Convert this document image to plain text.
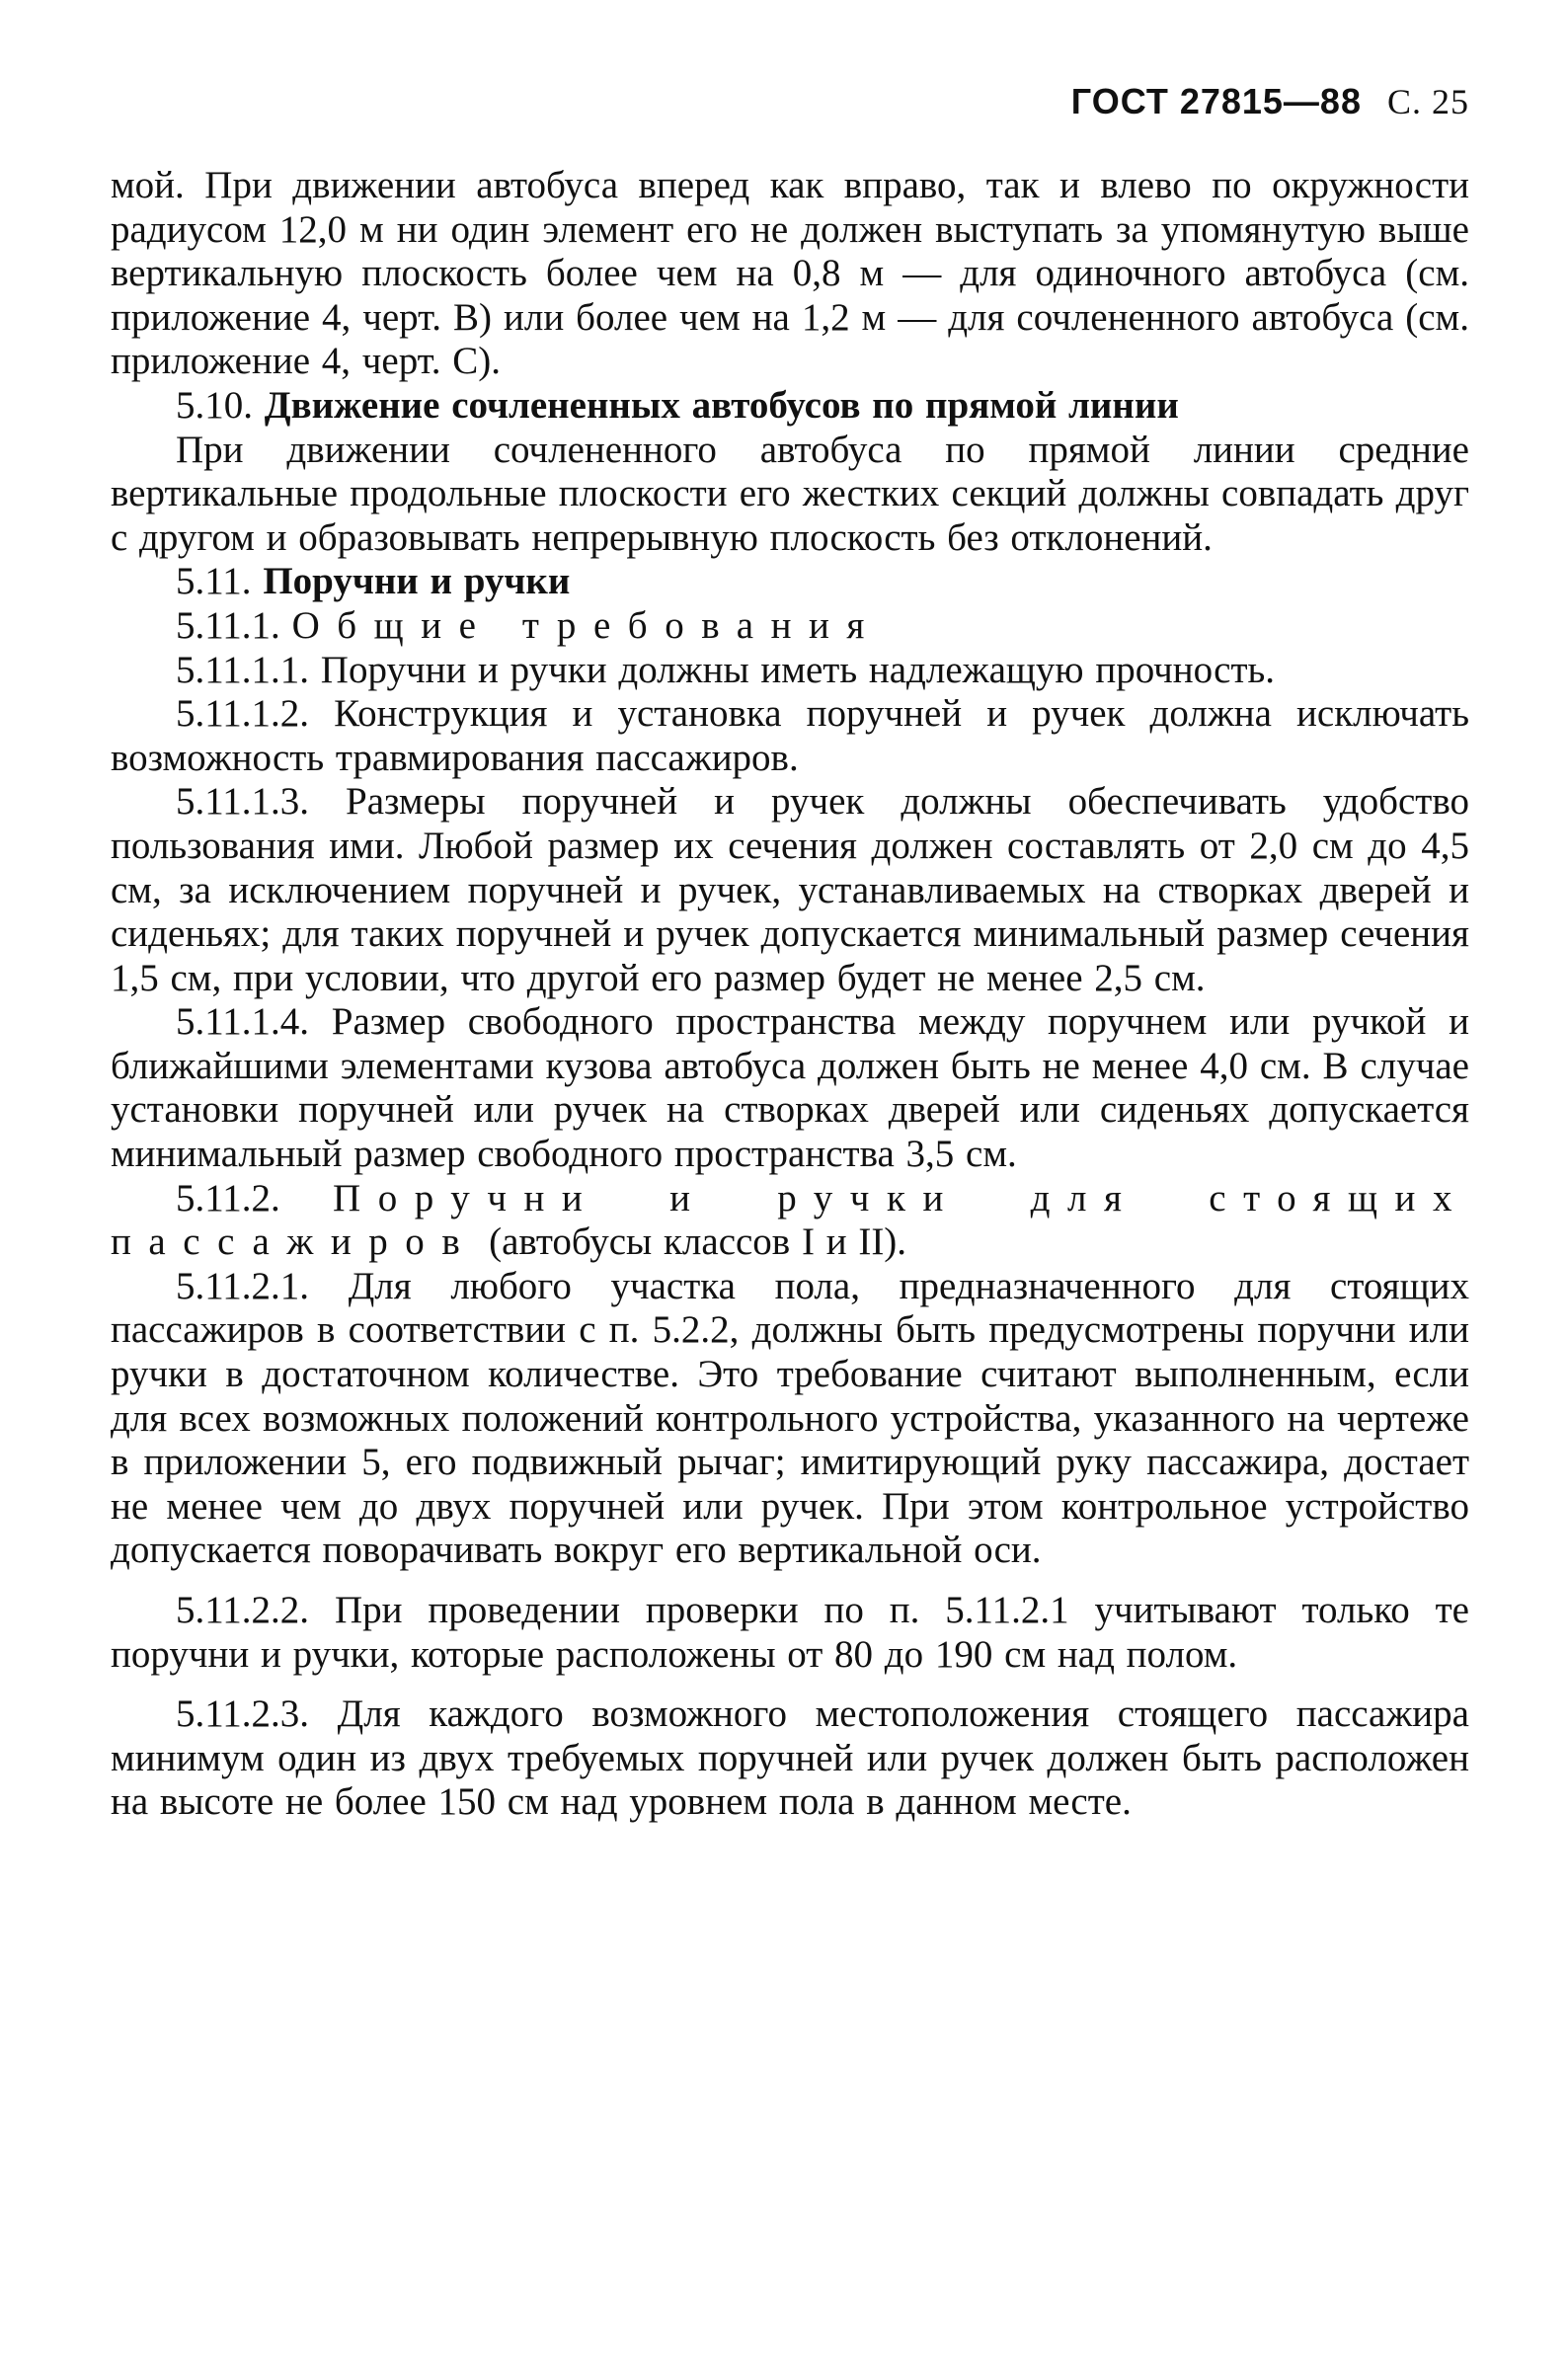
ГОСТ 27815—88 С. 25

мой. При движении автобуса вперед как вправо, так и влево по окружности радиусом 12,0 м ни один элемент его не должен выступать за упомянутую выше вертикальную плоскость более чем на 0,8 м — для одиночного автобуса (см. приложение 4, черт. В) или более чем на 1,2 м — для сочлененного автобуса (см. приложение 4, черт. С).

5.10. Движение сочлененных автобусов по прямой линии

При движении сочлененного автобуса по прямой линии средние вертикальные продольные плоскости его жестких секций должны совпадать друг с другом и образовывать непрерывную плоскость без отклонений.

5.11. Поручни и ручки

5.11.1. Общие требования

5.11.1.1. Поручни и ручки должны иметь надлежащую прочность.

5.11.1.2. Конструкция и установка поручней и ручек должна исключать возможность травмирования пассажиров.

5.11.1.3. Размеры поручней и ручек должны обеспечивать удобство пользования ими. Любой размер их сечения должен составлять от 2,0 см до 4,5 см, за исключением поручней и ручек, устанавливаемых на створках дверей и сиденьях; для таких поручней и ручек допускается минимальный размер сечения 1,5 см, при условии, что другой его размер будет не менее 2,5 см.

5.11.1.4. Размер свободного пространства между поручнем или ручкой и ближайшими элементами кузова автобуса должен быть не менее 4,0 см. В случае установки поручней или ручек на створках дверей или сиденьях допускается минимальный размер свободного пространства 3,5 см.

5.11.2. Поручни и ручки для стоящих пассажиров (автобусы классов I и II).

5.11.2.1. Для любого участка пола, предназначенного для стоящих пассажиров в соответствии с п. 5.2.2, должны быть предусмотрены поручни или ручки в достаточном количестве. Это требование считают выполненным, если для всех возможных положений контрольного устройства, указанного на чертеже в приложении 5, его подвижный рычаг; имитирующий руку пассажира, достает не менее чем до двух поручней или ручек. При этом контрольное устройство допускается поворачивать вокруг его вертикальной оси.

5.11.2.2. При проведении проверки по п. 5.11.2.1 учитывают только те поручни и ручки, которые расположены от 80 до 190 см над полом.

5.11.2.3. Для каждого возможного местоположения стоящего пассажира минимум один из двух требуемых поручней или ручек должен быть расположен на высоте не более 150 см над уровнем пола в данном месте.
